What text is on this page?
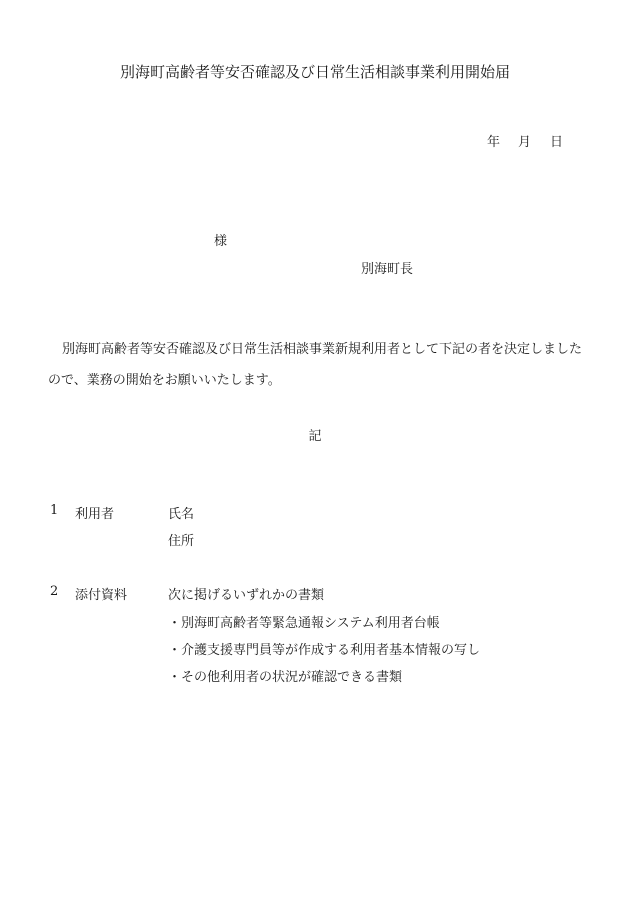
別海町高齢者等安否確認及び日常生活相談事業利用開始届
年 月 日
様
別海町長
別海町高齢者等安否確認及び日常生活相談事業新規利用者として下記の者を決定しましたので、業務の開始をお願いいたします。
記
1 利用者	氏名
住所
2 添付資料	次に掲げるいずれかの書類
・別海町高齢者等緊急通報システム利用者台帳
・介護支援専門員等が作成する利用者基本情報の写し
・その他利用者の状況が確認できる書類
